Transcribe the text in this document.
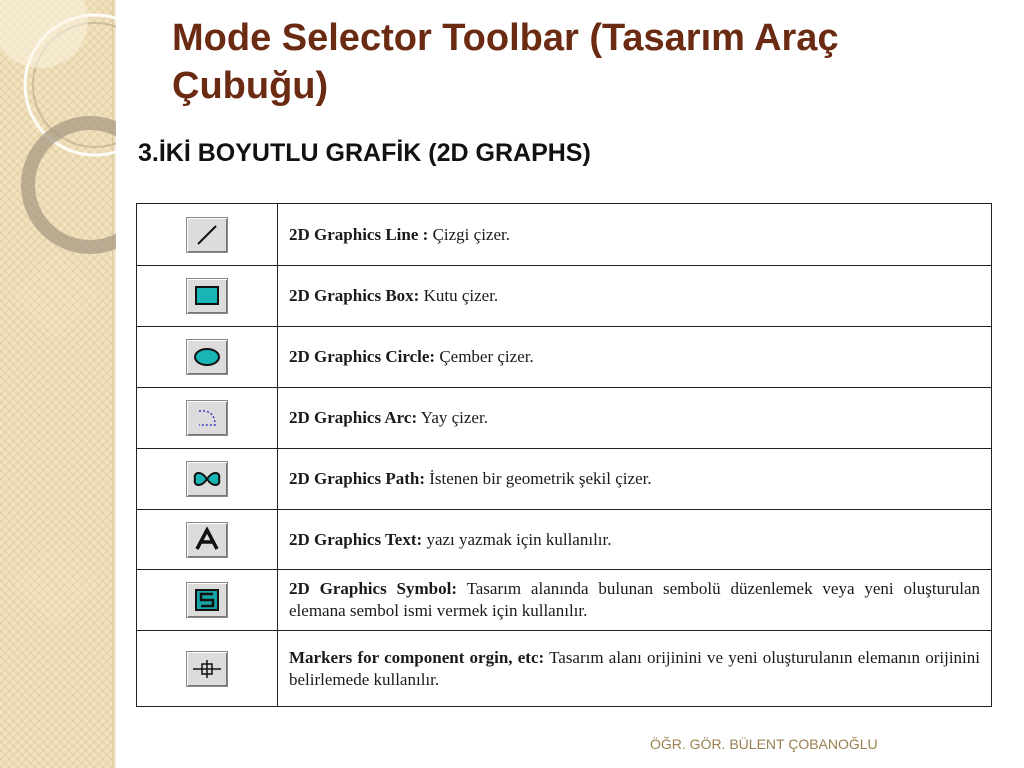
Mode Selector Toolbar (Tasarım Araç Çubuğu)
3.İKİ BOYUTLU GRAFİK (2D GRAPHS)
	2D Graphics Line : Çizgi çizer.

	2D Graphics Box: Kutu çizer.

	2D Graphics Circle: Çember çizer.

	2D Graphics Arc: Yay çizer.

	2D Graphics Path: İstenen bir geometrik şekil çizer.

	2D Graphics Text: yazı yazmak için kullanılır.

	2D Graphics Symbol: Tasarım alanında bulunan sembolü düzenlemek veya yeni oluşturulan elemana sembol ismi vermek için kullanılır.

	Markers for component orgin, etc: Tasarım alanı orijinini ve yeni oluşturulanın elemanın orijinini belirlemede kullanılır.
ÖĞR. GÖR. BÜLENT ÇOBANOĞLU
